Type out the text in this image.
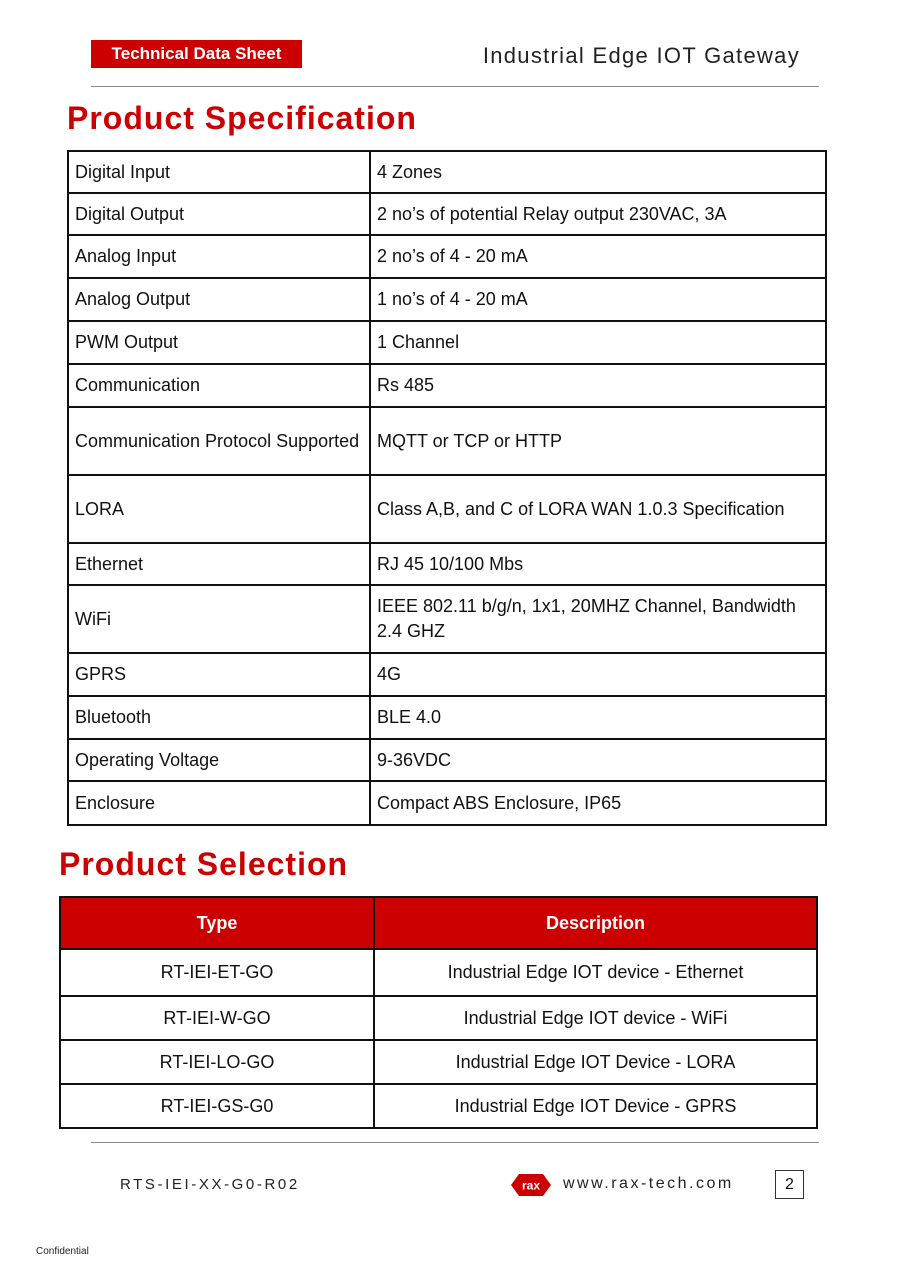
Technical Data Sheet	Industrial Edge IOT Gateway
Product Specification
Digital Input	4 Zones
Digital Output	2 no’s of potential Relay output 230VAC, 3A
Analog Input	2 no’s of 4 - 20 mA
Analog Output	1 no’s of 4 - 20 mA
PWM Output	1 Channel
Communication	Rs 485
Communication Protocol Supported	MQTT or TCP or HTTP
LORA	Class A,B, and C of LORA WAN 1.0.3 Specification
Ethernet	RJ 45 10/100 Mbs
WiFi	IEEE 802.11 b/g/n, 1x1, 20MHZ Channel, Bandwidth 2.4 GHZ
GPRS	4G
Bluetooth	BLE 4.0
Operating Voltage	9-36VDC
Enclosure	Compact ABS Enclosure, IP65
Product Selection
Type	Description
RT-IEI-ET-GO	Industrial Edge IOT device - Ethernet
RT-IEI-W-GO	Industrial Edge IOT device - WiFi
RT-IEI-LO-GO	Industrial Edge IOT Device - LORA
RT-IEI-GS-G0	Industrial Edge IOT Device - GPRS
RTS-IEI-XX-G0-R02	rax www.rax-tech.com	2
Confidential
